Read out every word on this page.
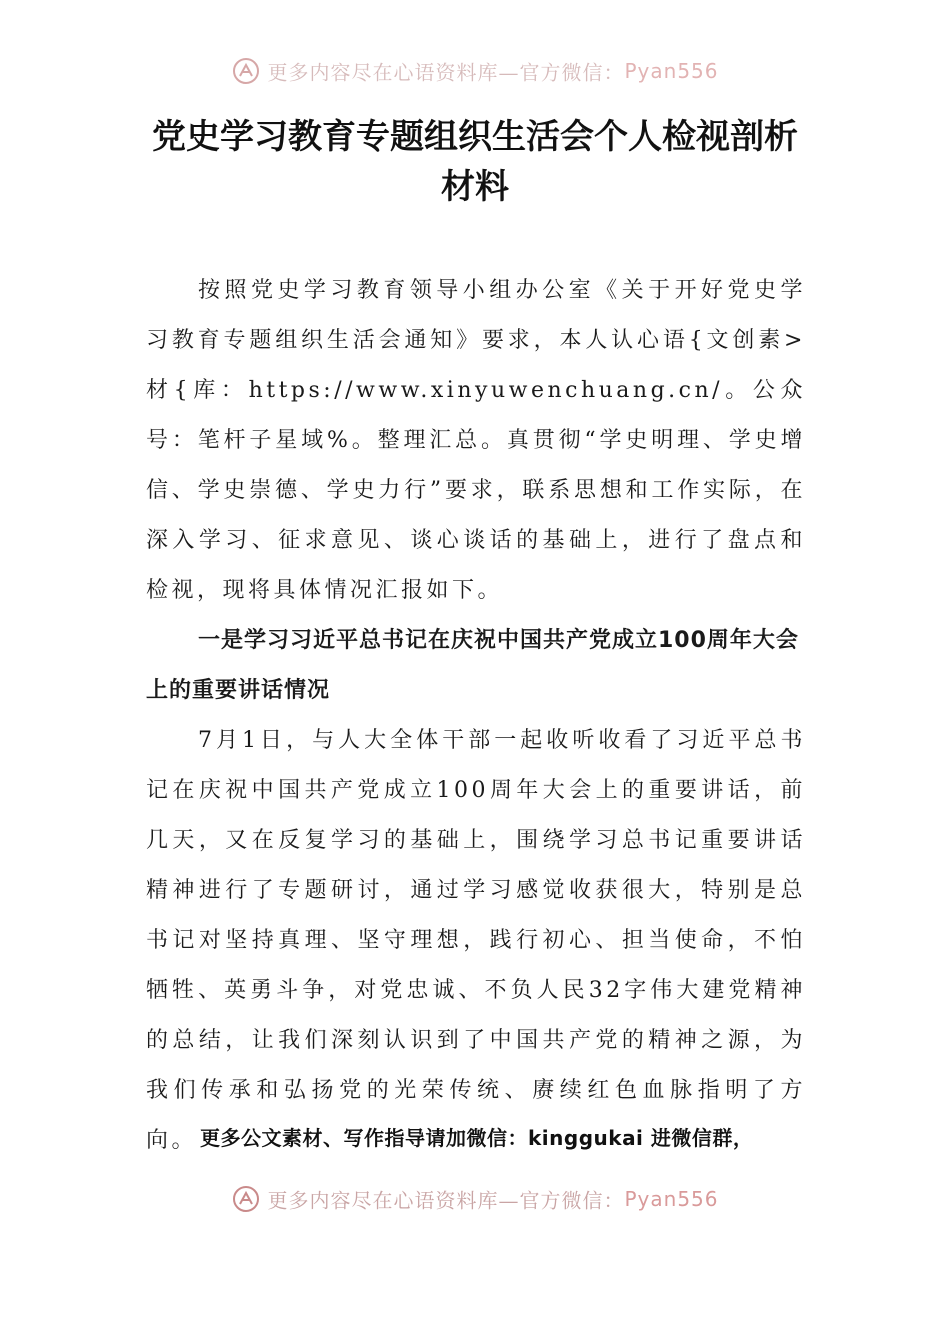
更多内容尽在心语资料库—官方微信：Pyan556
党史学习教育专题组织生活会个人检视剖析材料

按照党史学习教育领导小组办公室《关于开好党史学习教育专题组织生活会通知》要求，本人认心语{文创素>材{库：https://www.xinyuwenchuang.cn/。公众号：笔杆子星域%。整理汇总。真贯彻“学史明理、学史增信、学史崇德、学史力行”要求，联系思想和工作实际，在深入学习、征求意见、谈心谈话的基础上，进行了盘点和检视，现将具体情况汇报如下。

一是学习习近平总书记在庆祝中国共产党成立100周年大会上的重要讲话情况

7月1日，与人大全体干部一起收听收看了习近平总书记在庆祝中国共产党成立100周年大会上的重要讲话，前几天，又在反复学习的基础上，围绕学习总书记重要讲话精神进行了专题研讨，通过学习感觉收获很大，特别是总书记对坚持真理、坚守理想，践行初心、担当使命，不怕牺牲、英勇斗争，对党忠诚、不负人民32字伟大建党精神的总结，让我们深刻认识到了中国共产党的精神之源，为我们传承和弘扬党的光荣传统、赓续红色血脉指明了方向。 更多公文素材、写作指导请加微信：kinggukai 进微信群，
更多内容尽在心语资料库—官方微信：Pyan556
